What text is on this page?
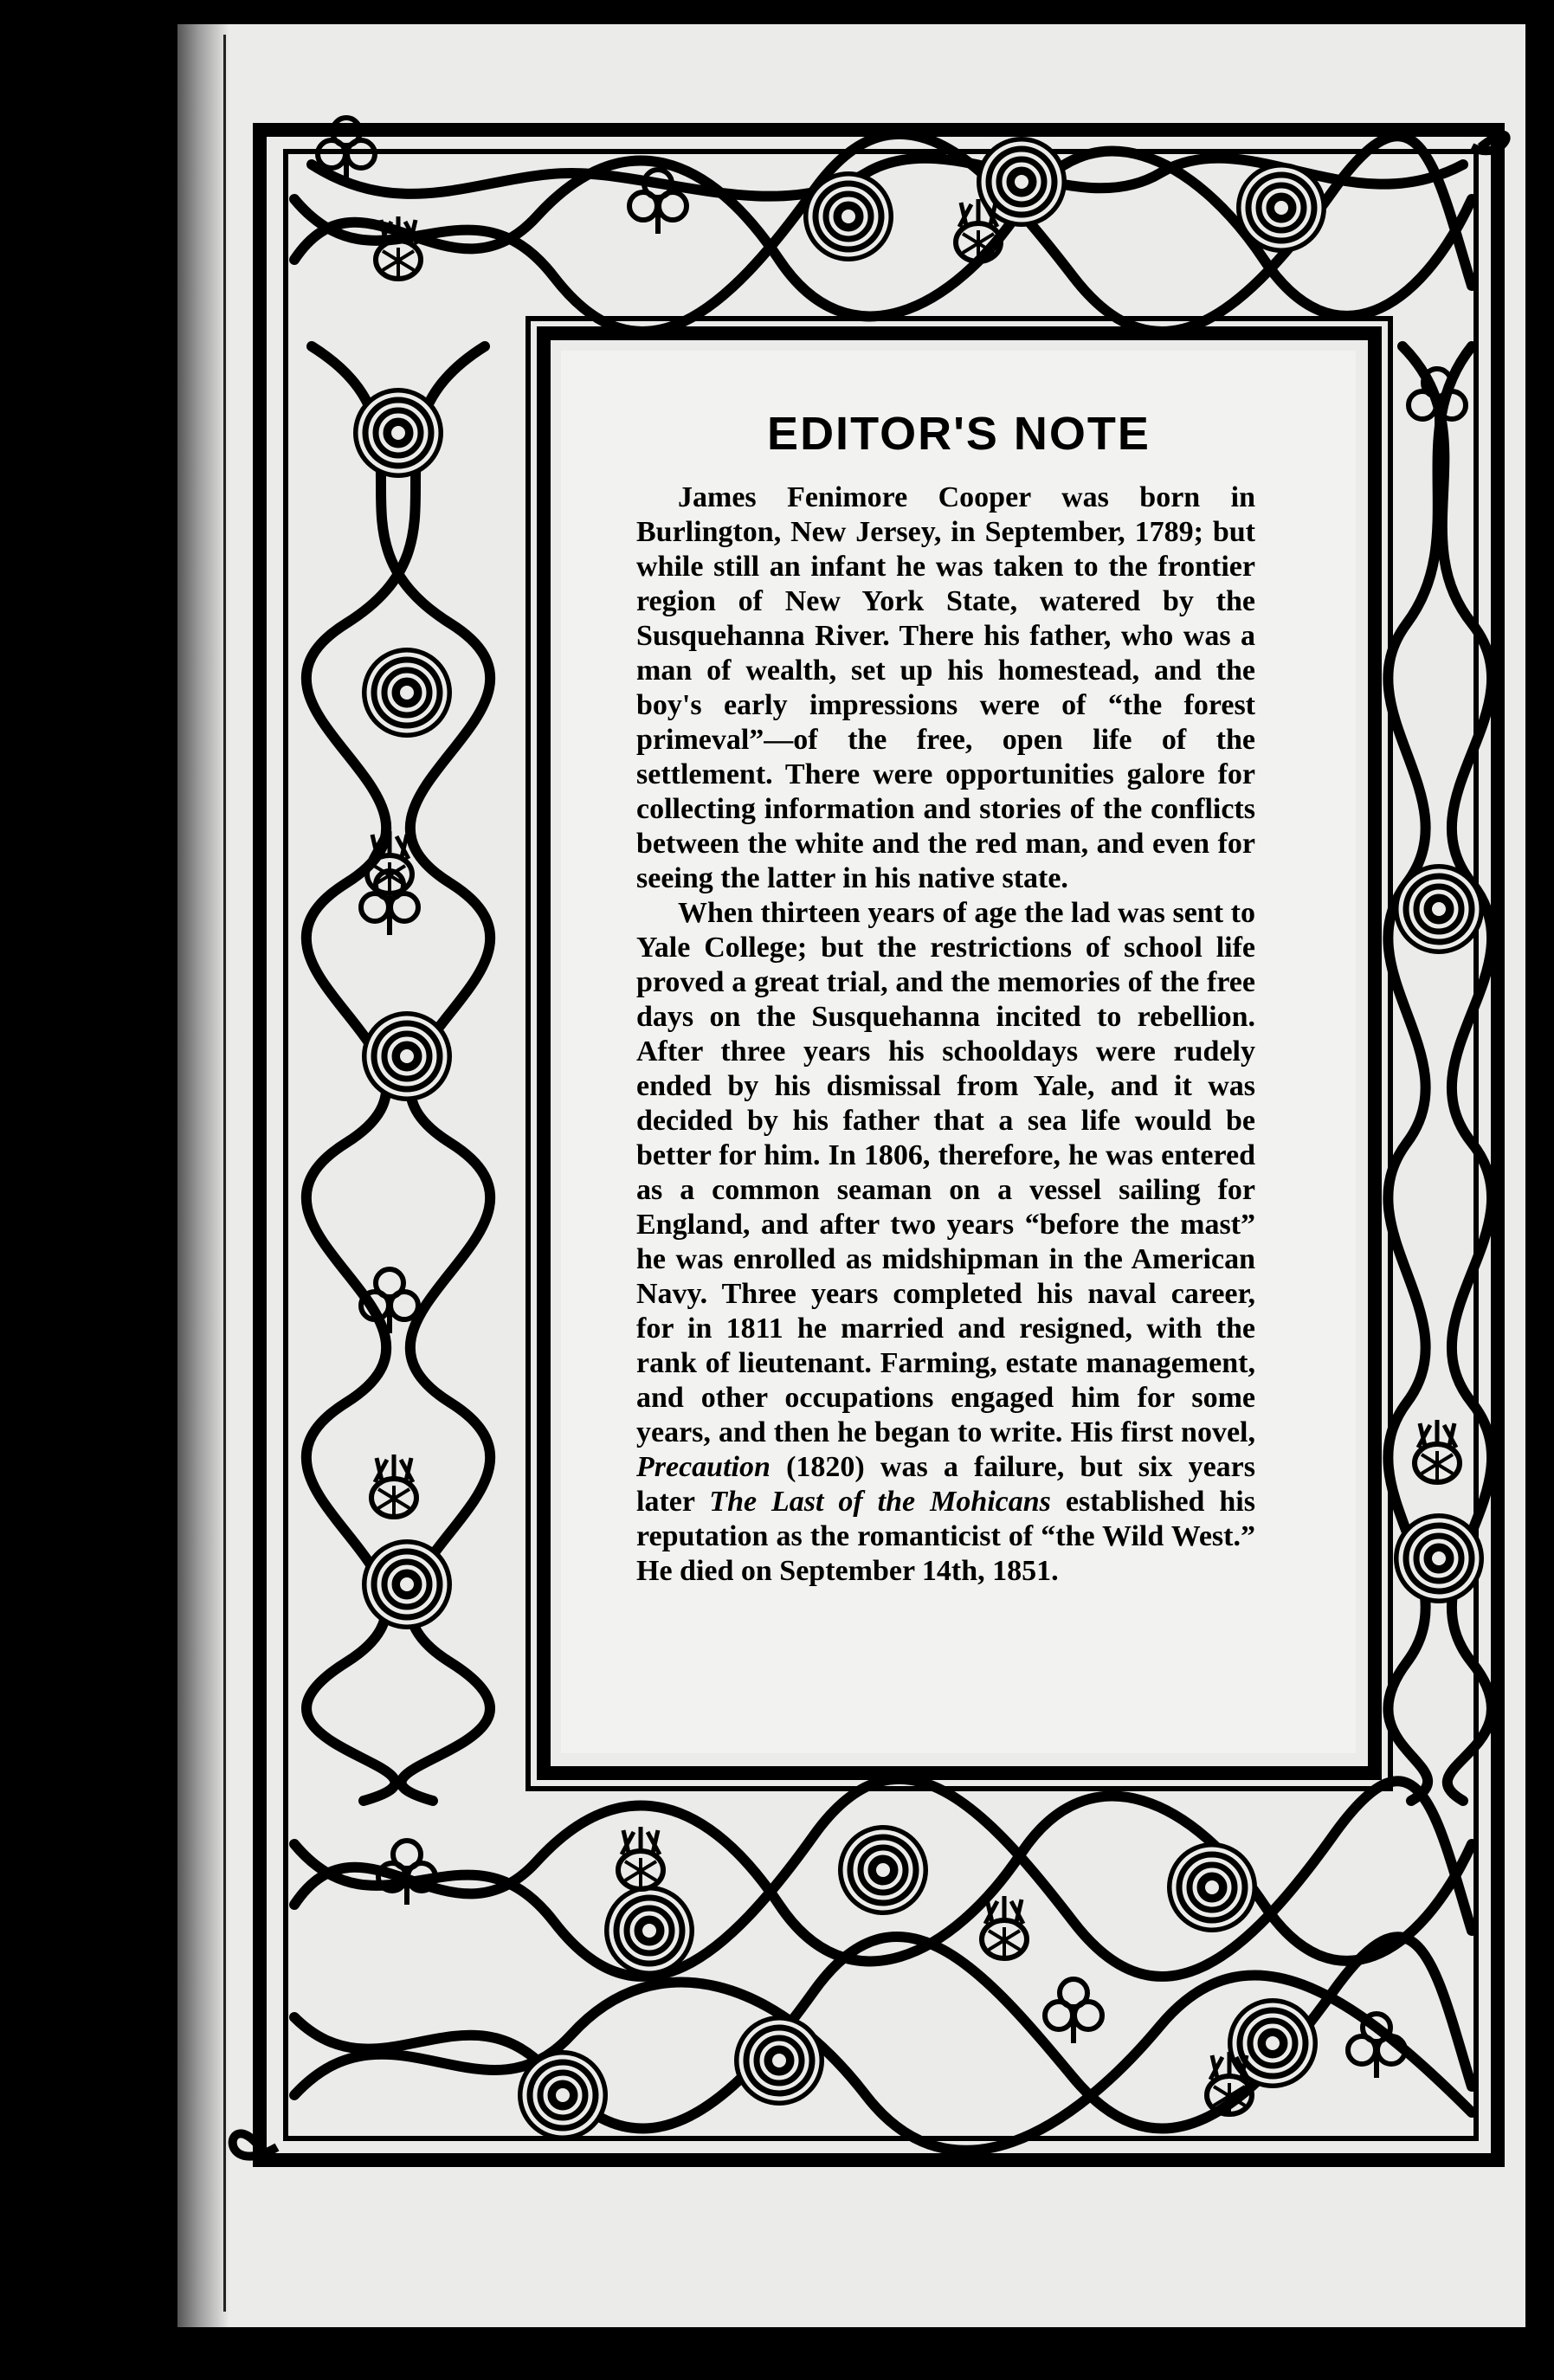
EDITOR'S NOTE

James Fenimore Cooper was born in Burlington, New Jersey, in September, 1789; but while still an infant he was taken to the frontier region of New York State, watered by the Susquehanna River. There his father, who was a man of wealth, set up his homestead, and the boy's early impressions were of “the forest primeval”—of the free, open life of the settlement. There were opportunities galore for collecting information and stories of the conflicts between the white and the red man, and even for seeing the latter in his native state.

When thirteen years of age the lad was sent to Yale College; but the restrictions of school life proved a great trial, and the memories of the free days on the Susquehanna incited to rebellion. After three years his schooldays were rudely ended by his dismissal from Yale, and it was decided by his father that a sea life would be better for him. In 1806, therefore, he was entered as a common seaman on a vessel sailing for England, and after two years “before the mast” he was enrolled as midshipman in the American Navy. Three years completed his naval career, for in 1811 he married and resigned, with the rank of lieutenant. Farming, estate management, and other occupations engaged him for some years, and then he began to write. His first novel, Precaution (1820) was a failure, but six years later The Last of the Mohicans established his reputation as the romanticist of “the Wild West.” He died on September 14th, 1851.
